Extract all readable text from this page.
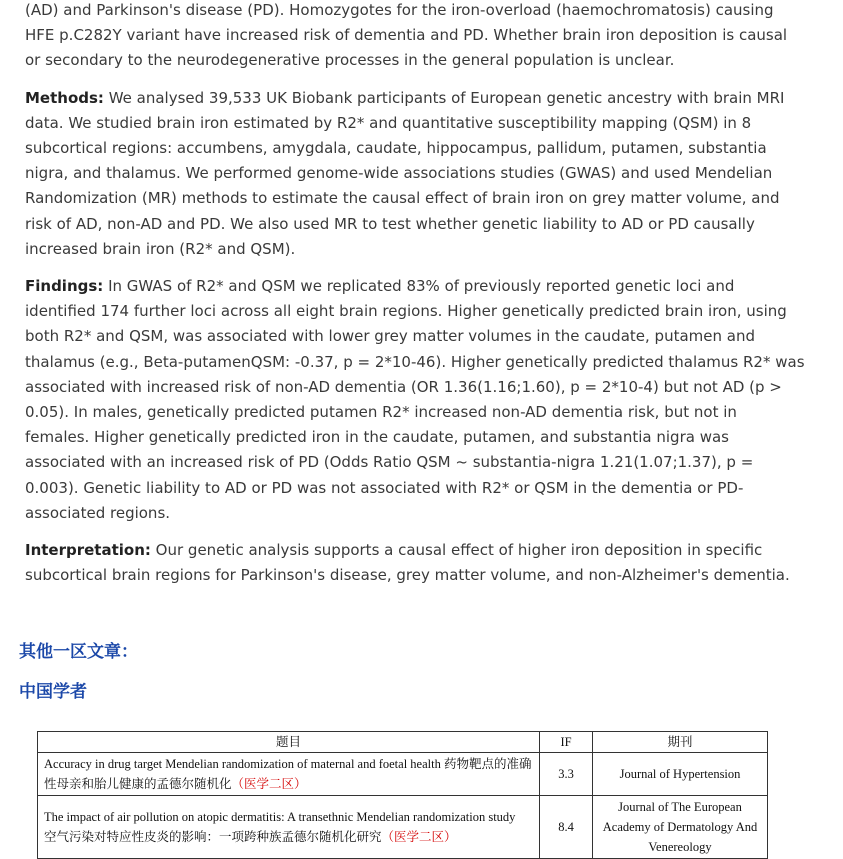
(AD) and Parkinson's disease (PD). Homozygotes for the iron-overload (haemochromatosis) causing HFE p.C282Y variant have increased risk of dementia and PD. Whether brain iron deposition is causal or secondary to the neurodegenerative processes in the general population is unclear.

Methods: We analysed 39,533 UK Biobank participants of European genetic ancestry with brain MRI data. We studied brain iron estimated by R2* and quantitative susceptibility mapping (QSM) in 8 subcortical regions: accumbens, amygdala, caudate, hippocampus, pallidum, putamen, substantia nigra, and thalamus. We performed genome-wide associations studies (GWAS) and used Mendelian Randomization (MR) methods to estimate the causal effect of brain iron on grey matter volume, and risk of AD, non-AD and PD. We also used MR to test whether genetic liability to AD or PD causally increased brain iron (R2* and QSM).

Findings: In GWAS of R2* and QSM we replicated 83% of previously reported genetic loci and identified 174 further loci across all eight brain regions. Higher genetically predicted brain iron, using both R2* and QSM, was associated with lower grey matter volumes in the caudate, putamen and thalamus (e.g., Beta-putamenQSM: -0.37, p = 2*10-46). Higher genetically predicted thalamus R2* was associated with increased risk of non-AD dementia (OR 1.36(1.16;1.60), p = 2*10-4) but not AD (p > 0.05). In males, genetically predicted putamen R2* increased non-AD dementia risk, but not in females. Higher genetically predicted iron in the caudate, putamen, and substantia nigra was associated with an increased risk of PD (Odds Ratio QSM ~ substantia-nigra 1.21(1.07;1.37), p = 0.003). Genetic liability to AD or PD was not associated with R2* or QSM in the dementia or PD-associated regions.

Interpretation: Our genetic analysis supports a causal effect of higher iron deposition in specific subcortical brain regions for Parkinson's disease, grey matter volume, and non-Alzheimer's dementia.

其他一区文章：
中国学者
题目	IF	期刊
Accuracy in drug target Mendelian randomization of maternal and foetal health 药物靶点的准确性母亲和胎儿健康的孟德尔随机化（医学二区）	3.3	Journal of Hypertension
The impact of air pollution on atopic dermatitis: A transethnic Mendelian randomization study
空气污染对特应性皮炎的影响：一项跨种族孟德尔随机化研究（医学二区）	8.4	Journal of The European Academy of Dermatology And Venereology
